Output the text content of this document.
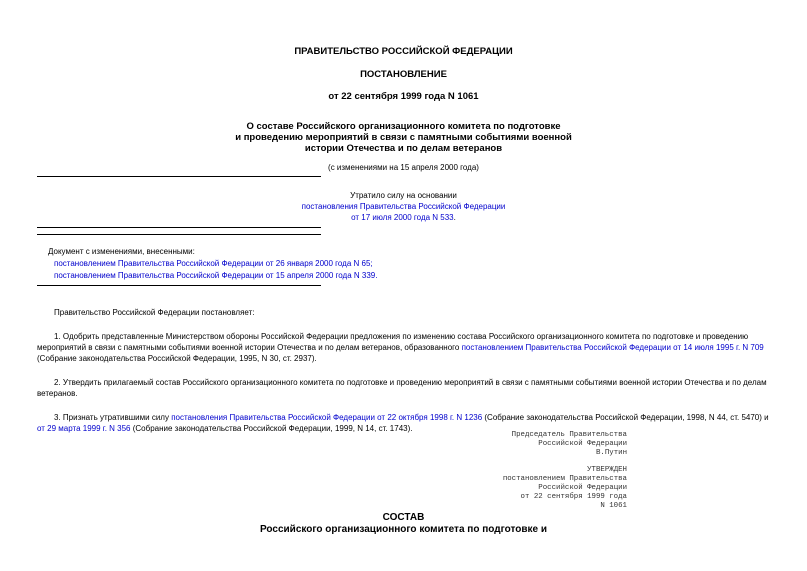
ПРАВИТЕЛЬСТВО РОССИЙСКОЙ ФЕДЕРАЦИИ
ПОСТАНОВЛЕНИЕ
от 22 сентября 1999 года N 1061
О составе Российского организационного комитета по подготовке
и проведению мероприятий в связи с памятными событиями военной
истории Отечества и по делам ветеранов
(с изменениями на 15 апреля 2000 года)
Утратило силу на основании
постановления Правительства Российской Федерации
от 17 июля 2000 года N 533.
Документ с изменениями, внесенными:
постановлением Правительства Российской Федерации от 26 января 2000 года N 65;
постановлением Правительства Российской Федерации от 15 апреля 2000 года N 339.

Правительство Российской Федерации постановляет:

1. Одобрить представленные Министерством обороны Российской Федерации предложения по изменению состава Российского организационного комитета по подготовке и проведению мероприятий в связи с памятными событиями военной истории Отечества и по делам ветеранов, образованного постановлением Правительства Российской Федерации от 14 июля 1995 г. N 709 (Собрание законодательства Российской Федерации, 1995, N 30, ст. 2937).

2. Утвердить прилагаемый состав Российского организационного комитета по подготовке и проведению мероприятий в связи с памятными событиями военной истории Отечества и по делам ветеранов.

3. Признать утратившими силу постановления Правительства Российской Федерации от 22 октября 1998 г. N 1236 (Собрание законодательства Российской Федерации, 1998, N 44, ст. 5470) и от 29 марта 1999 г. N 356 (Собрание законодательства Российской Федерации, 1999, N 14, ст. 1743).

Председатель Правительства
Российской Федерации
В.Путин
УТВЕРЖДЕН
постановлением Правительства
Российской Федерации
от 22 сентября 1999 года
N 1061
СОСТАВ
Российского организационного комитета по подготовке и
